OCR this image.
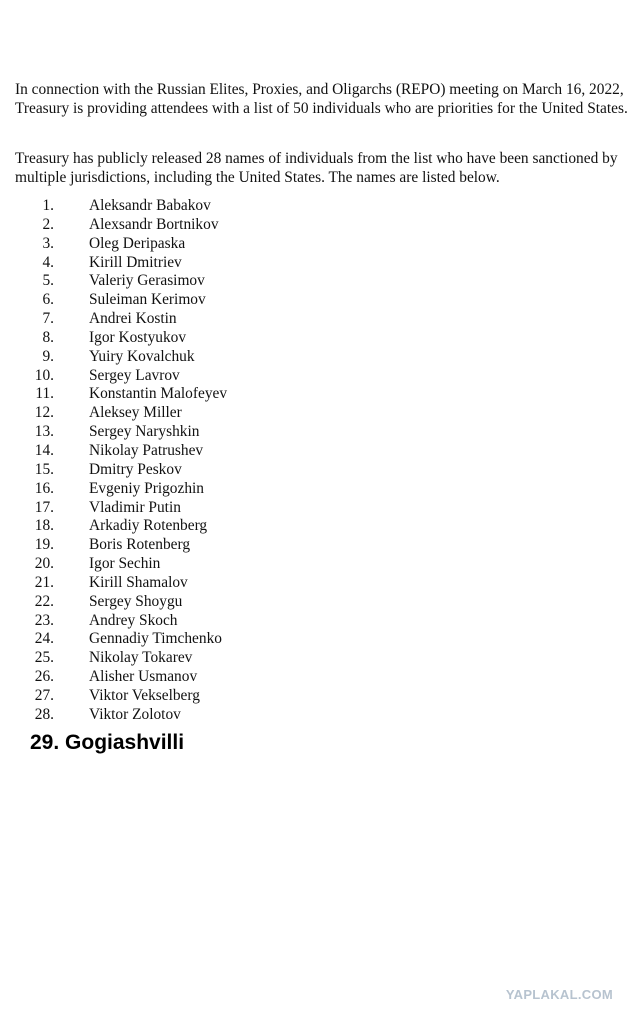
In connection with the Russian Elites, Proxies, and Oligarchs (REPO) meeting on March 16, 2022, Treasury is providing attendees with a list of 50 individuals who are priorities for the United States.

Treasury has publicly released 28 names of individuals from the list who have been sanctioned by multiple jurisdictions, including the United States. The names are listed below.

1. Aleksandr Babakov
2. Alexsandr Bortnikov
3. Oleg Deripaska
4. Kirill Dmitriev
5. Valeriy Gerasimov
6. Suleiman Kerimov
7. Andrei Kostin
8. Igor Kostyukov
9. Yuiry Kovalchuk
10. Sergey Lavrov
11. Konstantin Malofeyev
12. Aleksey Miller
13. Sergey Naryshkin
14. Nikolay Patrushev
15. Dmitry Peskov
16. Evgeniy Prigozhin
17. Vladimir Putin
18. Arkadiy Rotenberg
19. Boris Rotenberg
20. Igor Sechin
21. Kirill Shamalov
22. Sergey Shoygu
23. Andrey Skoch
24. Gennadiy Timchenko
25. Nikolay Tokarev
26. Alisher Usmanov
27. Viktor Vekselberg
28. Viktor Zolotov
29. Gogiashvilli
YAPLAKAL.COM
